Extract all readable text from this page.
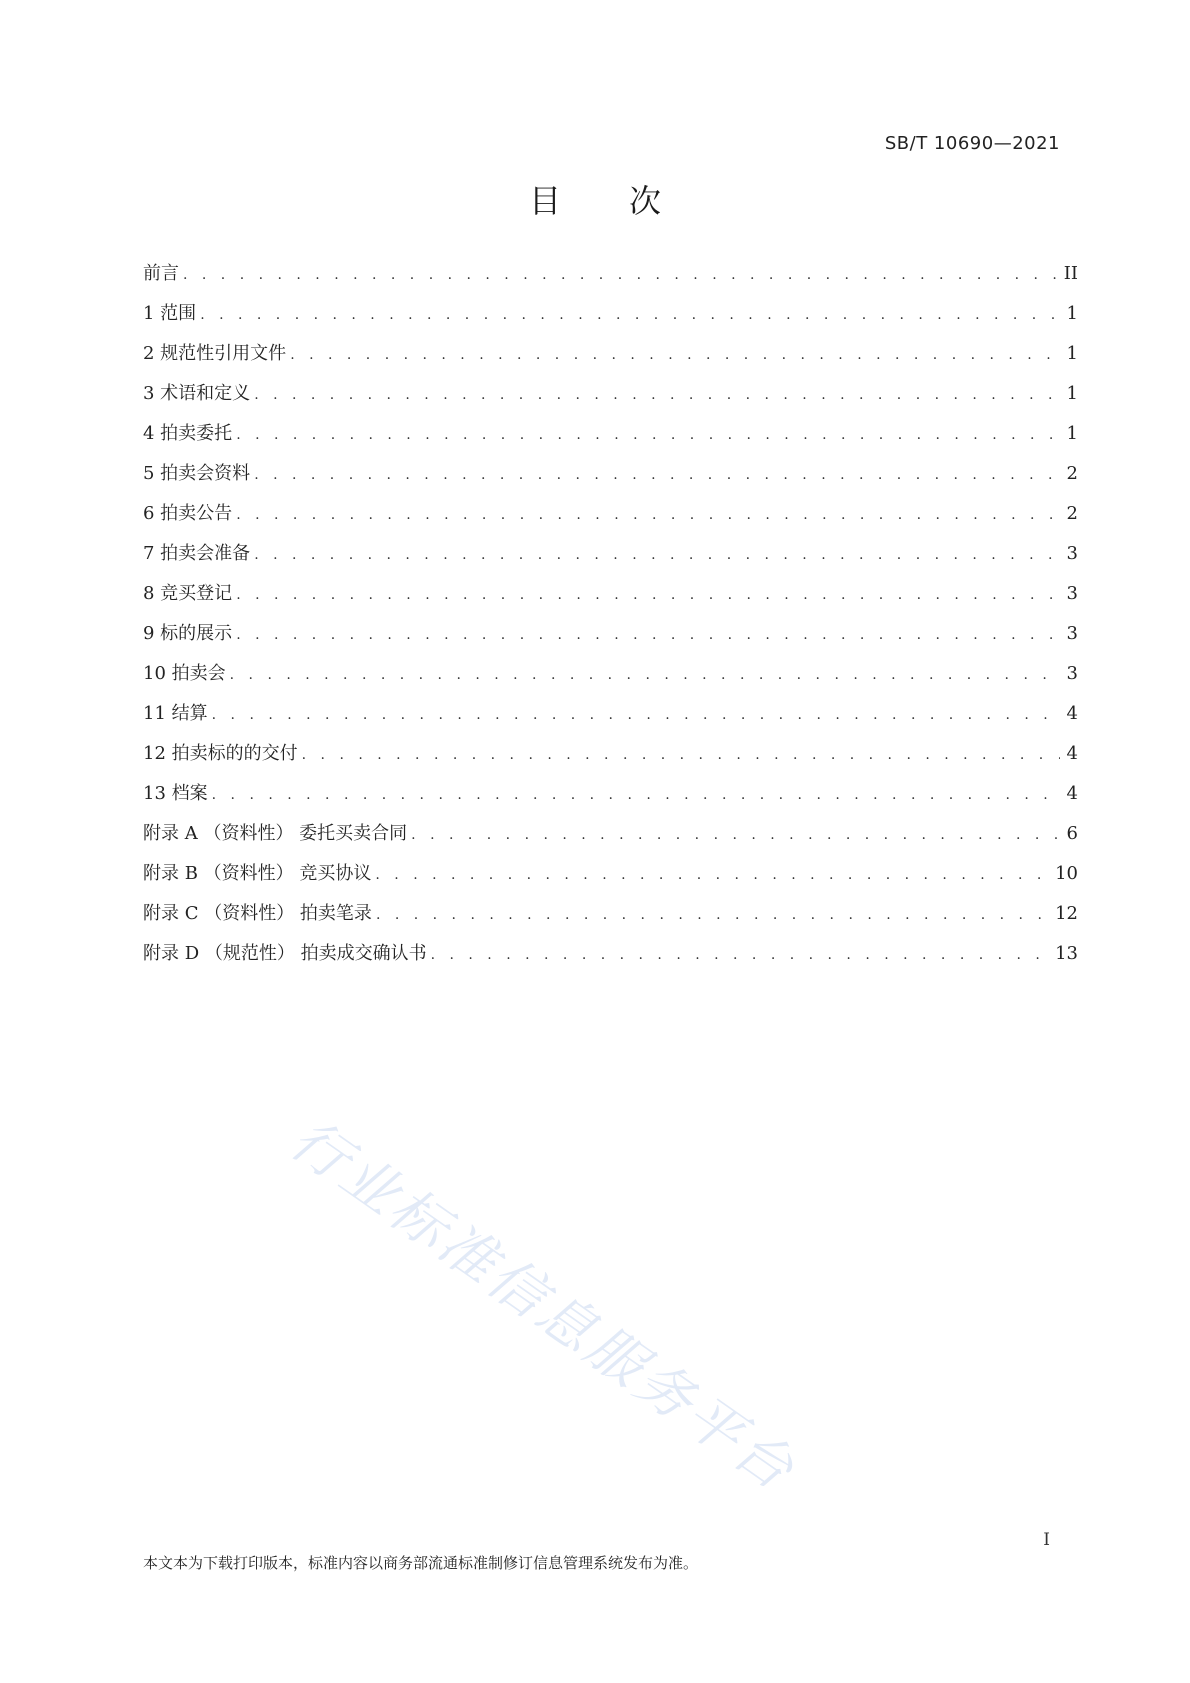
SB/T 10690—2021
目 次
前言 . . .	II
1 范围 . . .	1
2 规范性引用文件 . . .	1
3 术语和定义 . . .	1
4 拍卖委托 . . .	1
5 拍卖会资料 . . .	2
6 拍卖公告 . . .	2
7 拍卖会准备 . . .	3
8 竞买登记 . . .	3
9 标的展示 . . .	3
10 拍卖会 . . .	3
11 结算 . . .	4
12 拍卖标的的交付 . . .	4
13 档案 . . .	4
附录 A （资料性） 委托买卖合同 . . .	6
附录 B （资料性） 竞买协议 . . .	10
附录 C （资料性） 拍卖笔录 . . .	12
附录 D （规范性） 拍卖成交确认书 . . .	13
行业标准信息服务平台
I
本文本为下载打印版本，标准内容以商务部流通标准制修订信息管理系统发布为准。
